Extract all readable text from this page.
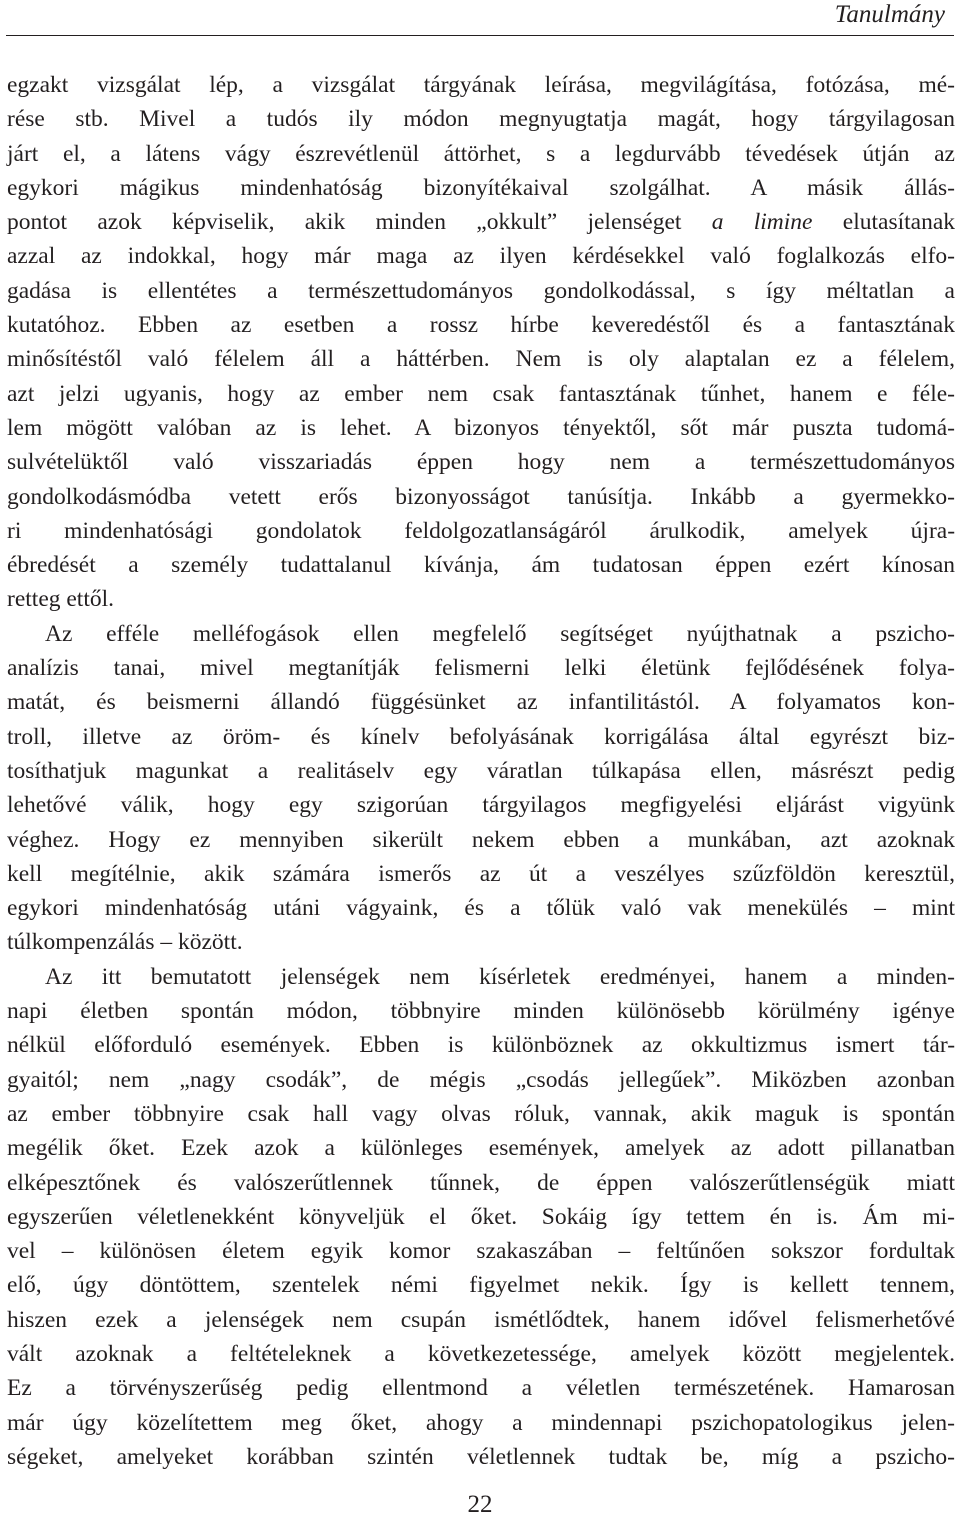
Tanulmány
egzakt vizsgálat lép, a vizsgálat tárgyának leírása, megvilágítása, fotózása, mé-
rése stb. Mivel a tudós ily módon megnyugtatja magát, hogy tárgyilagosan
járt el, a látens vágy észrevétlenül áttörhet, s a legdurvább tévedések útján az
egykori mágikus mindenhatóság bizonyítékaival szolgálhat. A másik állás-
pontot azok képviselik, akik minden „okkult” jelenséget a limine elutasítanak
azzal az indokkal, hogy már maga az ilyen kérdésekkel való foglalkozás elfo-
gadása is ellentétes a természettudományos gondolkodással, s így méltatlan a
kutatóhoz. Ebben az esetben a rossz hírbe keveredéstől és a fantasztának
minősítéstől való félelem áll a háttérben. Nem is oly alaptalan ez a félelem,
azt jelzi ugyanis, hogy az ember nem csak fantasztának tűnhet, hanem e féle-
lem mögött valóban az is lehet. A bizonyos tényektől, sőt már puszta tudomá-
sulvételüktől való visszariadás éppen hogy nem a természettudományos
gondolkodásmódba vetett erős bizonyosságot tanúsítja. Inkább a gyermekko-
ri mindenhatósági gondolatok feldolgozatlanságáról árulkodik, amelyek újra-
ébredését a személy tudattalanul kívánja, ám tudatosan éppen ezért kínosan
retteg ettől.
Az efféle melléfogások ellen megfelelő segítséget nyújthatnak a pszicho-
analízis tanai, mivel megtanítják felismerni lelki életünk fejlődésének folya-
matát, és beismerni állandó függésünket az infantilitástól. A folyamatos kon-
troll, illetve az öröm- és kínelv befolyásának korrigálása által egyrészt biz-
tosíthatjuk magunkat a realitáselv egy váratlan túlkapása ellen, másrészt pedig
lehetővé válik, hogy egy szigorúan tárgyilagos megfigyelési eljárást vigyünk
véghez. Hogy ez mennyiben sikerült nekem ebben a munkában, azt azoknak
kell megítélnie, akik számára ismerős az út a veszélyes szűzföldön keresztül,
egykori mindenhatóság utáni vágyaink, és a tőlük való vak menekülés – mint
túlkompenzálás – között.
Az itt bemutatott jelenségek nem kísérletek eredményei, hanem a minden-
napi életben spontán módon, többnyire minden különösebb körülmény igénye
nélkül előforduló események. Ebben is különböznek az okkultizmus ismert tár-
gyaitól; nem „nagy csodák”, de mégis „csodás jellegűek”. Miközben azonban
az ember többnyire csak hall vagy olvas róluk, vannak, akik maguk is spontán
megélik őket. Ezek azok a különleges események, amelyek az adott pillanatban
elképesztőnek és valószerűtlennek tűnnek, de éppen valószerűtlenségük miatt
egyszerűen véletlenekként könyveljük el őket. Sokáig így tettem én is. Ám mi-
vel – különösen életem egyik komor szakaszában – feltűnően sokszor fordultak
elő, úgy döntöttem, szentelek némi figyelmet nekik. Így is kellett tennem,
hiszen ezek a jelenségek nem csupán ismétlődtek, hanem idővel felismerhetővé
vált azoknak a feltételeknek a következetessége, amelyek között megjelentek.
Ez a törvényszerűség pedig ellentmond a véletlen természetének. Hamarosan
már úgy közelítettem meg őket, ahogy a mindennapi pszichopatologikus jelen-
ségeket, amelyeket korábban szintén véletlennek tudtak be, míg a pszicho-
22
